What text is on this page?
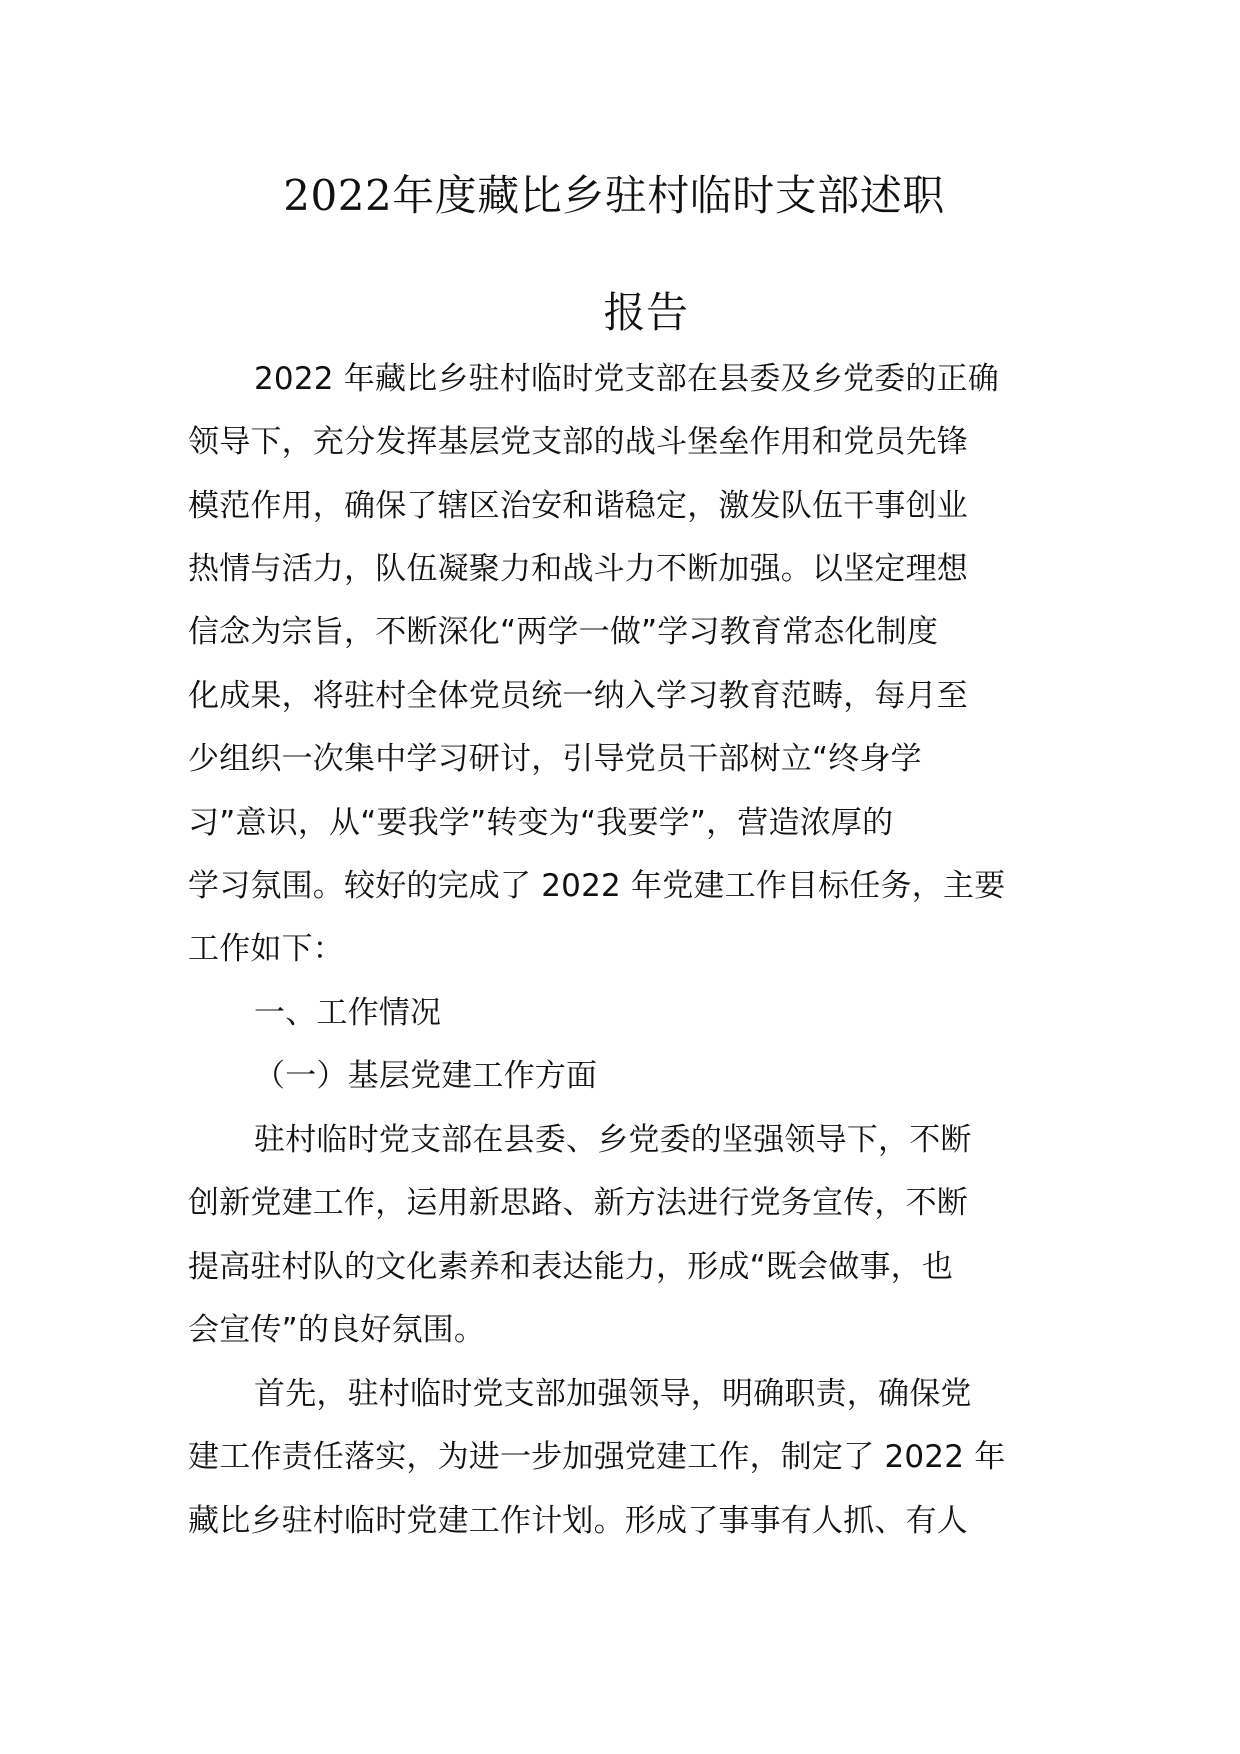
2022年度藏比乡驻村临时支部述职
报告
2022 年藏比乡驻村临时党支部在县委及乡党委的正确
领导下，充分发挥基层党支部的战斗堡垒作用和党员先锋
模范作用，确保了辖区治安和谐稳定，激发队伍干事创业
热情与活力，队伍凝聚力和战斗力不断加强。以坚定理想
信念为宗旨，不断深化“两学一做”学习教育常态化制度
化成果，将驻村全体党员统一纳入学习教育范畴，每月至
少组织一次集中学习研讨，引导党员干部树立“终身学
习”意识，从“要我学”转变为“我要学”，营造浓厚的
学习氛围。较好的完成了 2022 年党建工作目标任务，主要
工作如下：
一、工作情况
（一）基层党建工作方面
驻村临时党支部在县委、乡党委的坚强领导下，不断
创新党建工作，运用新思路、新方法进行党务宣传，不断
提高驻村队的文化素养和表达能力，形成“既会做事，也
会宣传”的良好氛围。
首先，驻村临时党支部加强领导，明确职责，确保党
建工作责任落实，为进一步加强党建工作，制定了 2022 年
藏比乡驻村临时党建工作计划。形成了事事有人抓、有人
